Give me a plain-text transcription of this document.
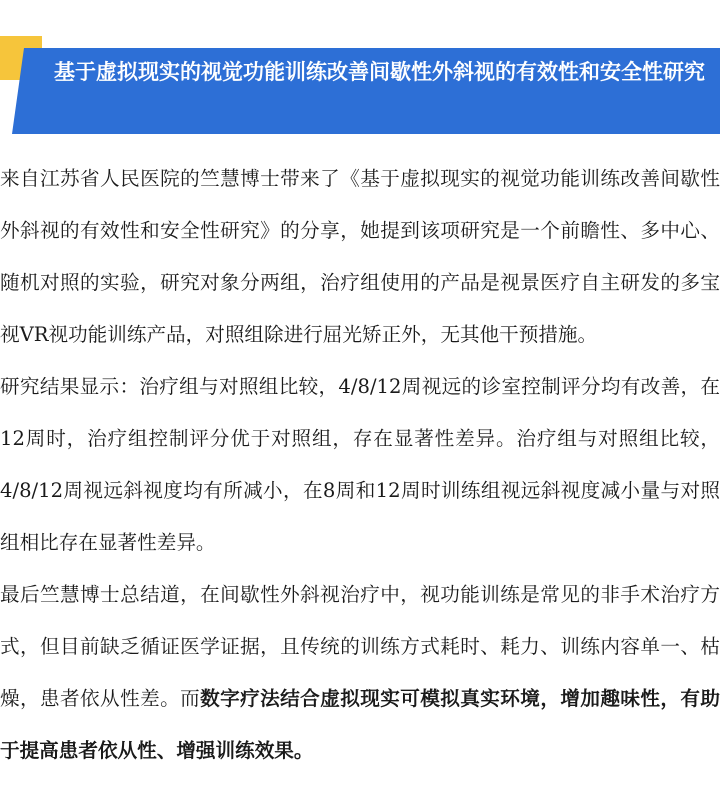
基于虚拟现实的视觉功能训练改善间歇性外斜视的有效性和安全性研究

来自江苏省人民医院的竺慧博士带来了《基于虚拟现实的视觉功能训练改善间歇性外斜视的有效性和安全性研究》的分享，她提到该项研究是一个前瞻性、多中心、随机对照的实验，研究对象分两组，治疗组使用的产品是视景医疗自主研发的多宝视VR视功能训练产品，对照组除进行屈光矫正外，无其他干预措施。

研究结果显示：治疗组与对照组比较，4/8/12周视远的诊室控制评分均有改善，在12周时，治疗组控制评分优于对照组，存在显著性差异。治疗组与对照组比较，4/8/12周视远斜视度均有所减小，在8周和12周时训练组视远斜视度减小量与对照组相比存在显著性差异。

最后竺慧博士总结道，在间歇性外斜视治疗中，视功能训练是常见的非手术治疗方式，但目前缺乏循证医学证据，且传统的训练方式耗时、耗力、训练内容单一、枯燥，患者依从性差。而数字疗法结合虚拟现实可模拟真实环境，增加趣味性，有助于提高患者依从性、增强训练效果。
